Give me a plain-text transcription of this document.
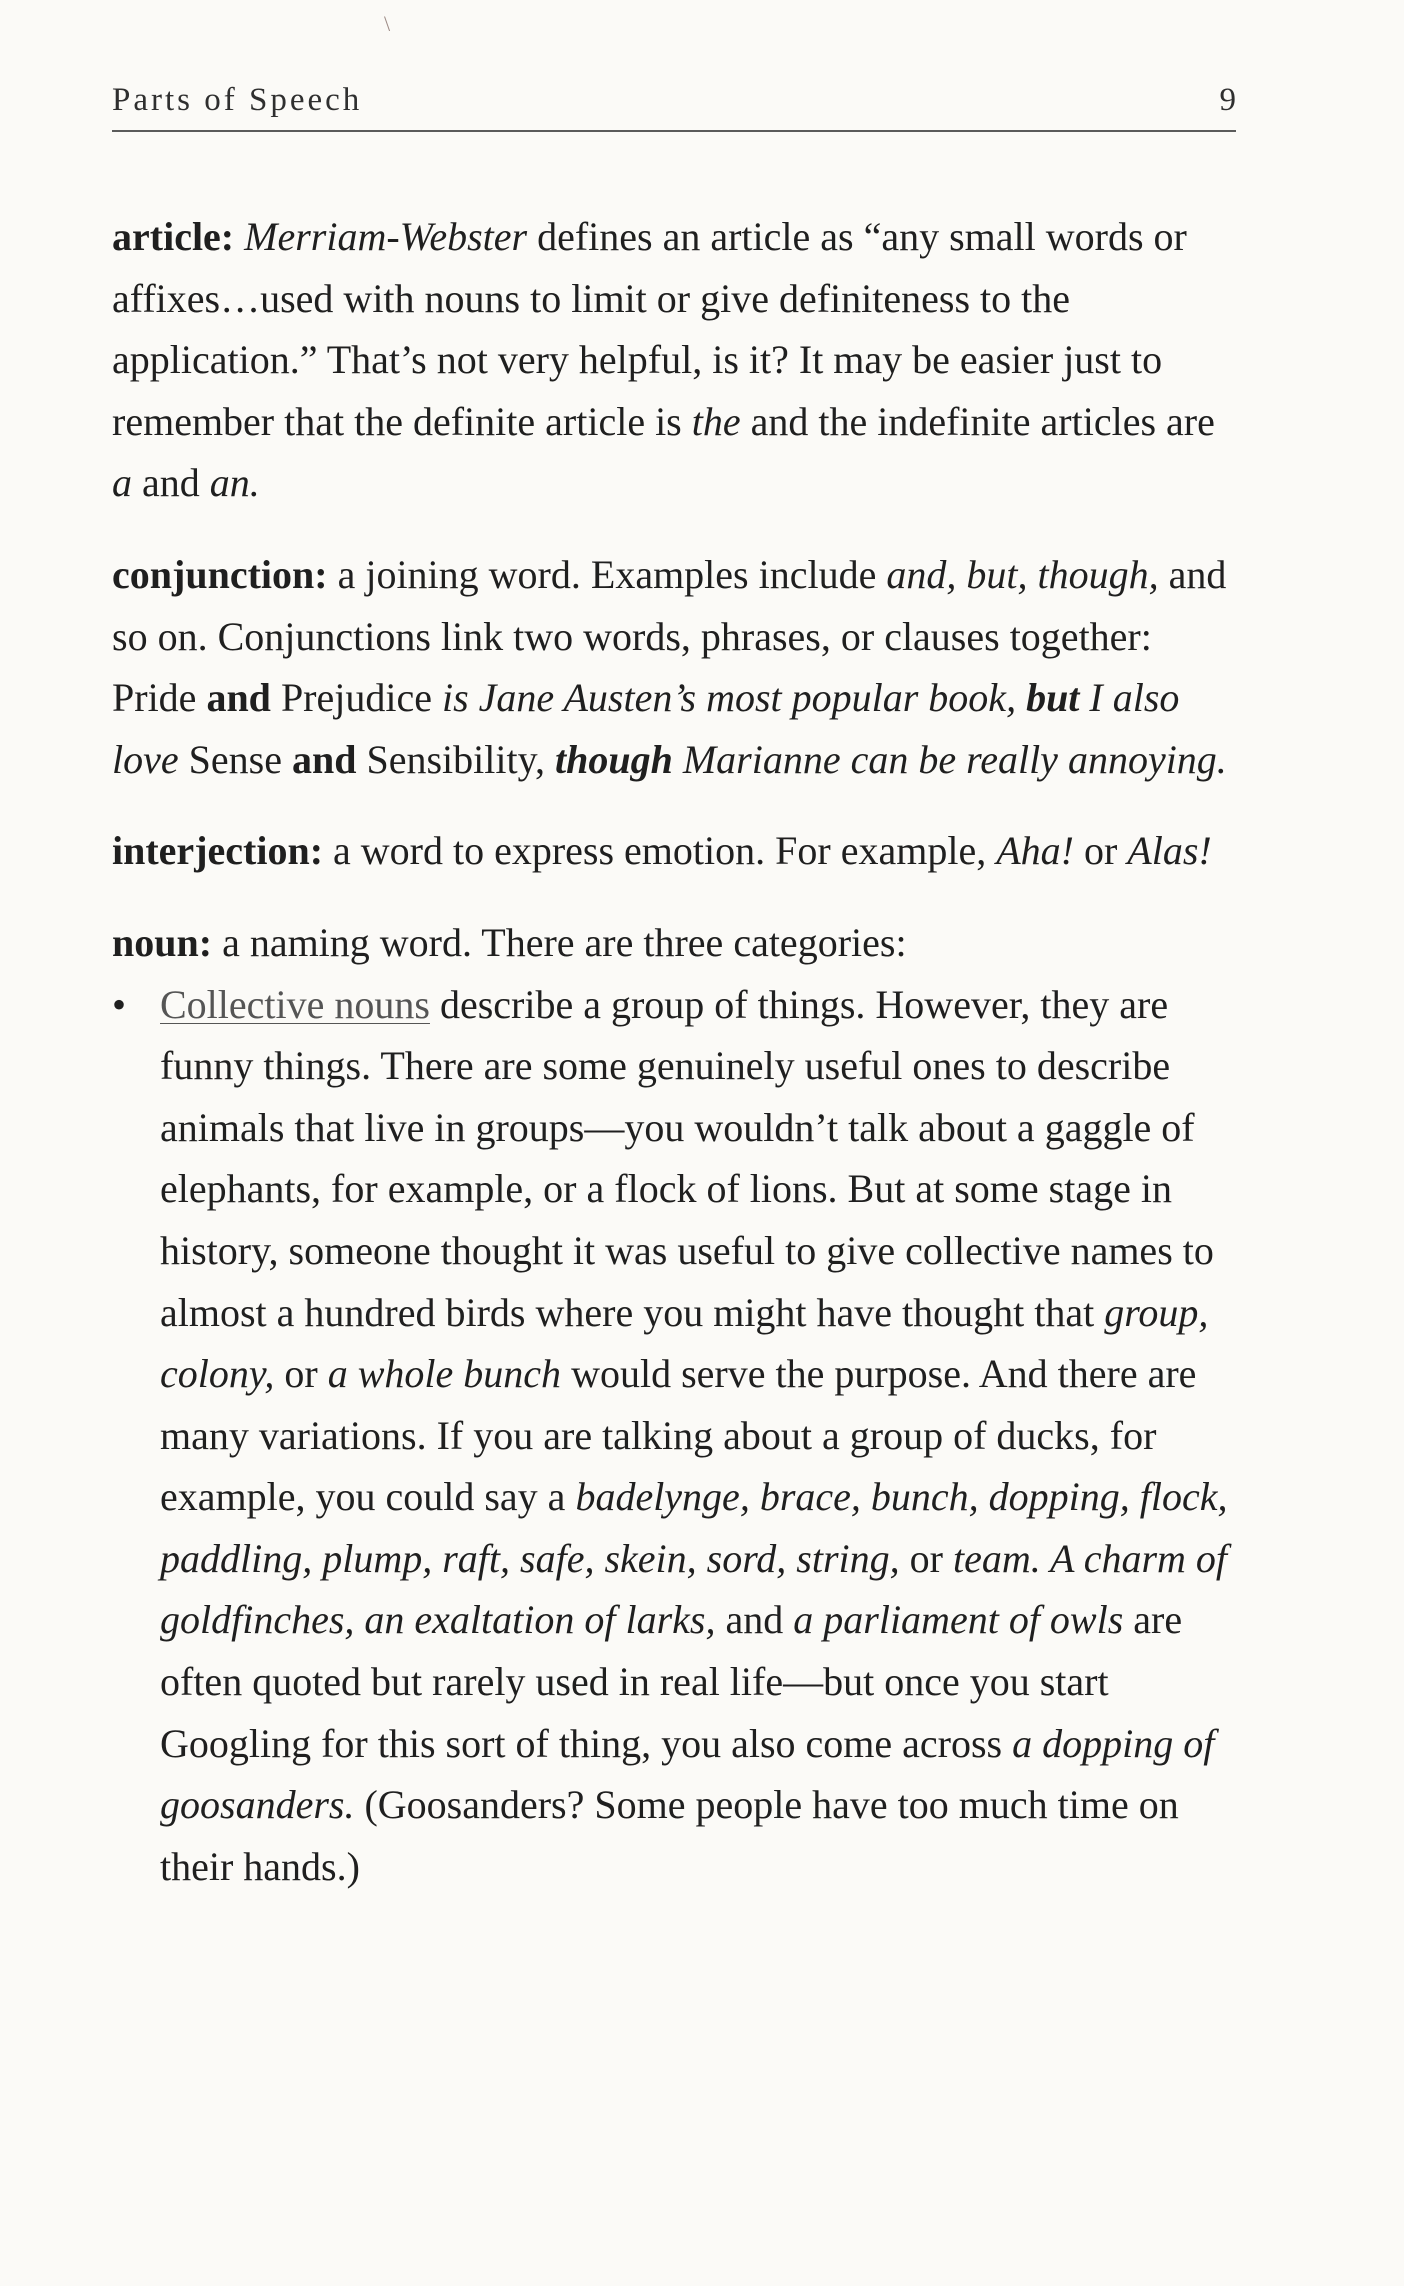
\
Parts of Speech	9

article: Merriam-Webster defines an article as “any small words or affixes…used with nouns to limit or give definiteness to the application.” That’s not very helpful, is it? It may be easier just to remember that the definite article is the and the indefinite articles are a and an.

conjunction: a joining word. Examples include and, but, though, and so on. Conjunctions link two words, phrases, or clauses together: Pride and Prejudice is Jane Austen’s most popular book, but I also love Sense and Sensibility, though Marianne can be really annoying.

interjection: a word to express emotion. For example, Aha! or Alas!

noun: a naming word. There are three categories:

• Collective nouns describe a group of things. However, they are funny things. There are some genuinely useful ones to describe animals that live in groups—you wouldn’t talk about a gaggle of elephants, for example, or a flock of lions. But at some stage in history, someone thought it was useful to give collective names to almost a hundred birds where you might have thought that group, colony, or a whole bunch would serve the purpose. And there are many variations. If you are talking about a group of ducks, for example, you could say a badelynge, brace, bunch, dopping, flock, paddling, plump, raft, safe, skein, sord, string, or team. A charm of goldfinches, an exaltation of larks, and a parliament of owls are often quoted but rarely used in real life—but once you start Googling for this sort of thing, you also come across a dopping of goosanders. (Goosanders? Some people have too much time on their hands.)
